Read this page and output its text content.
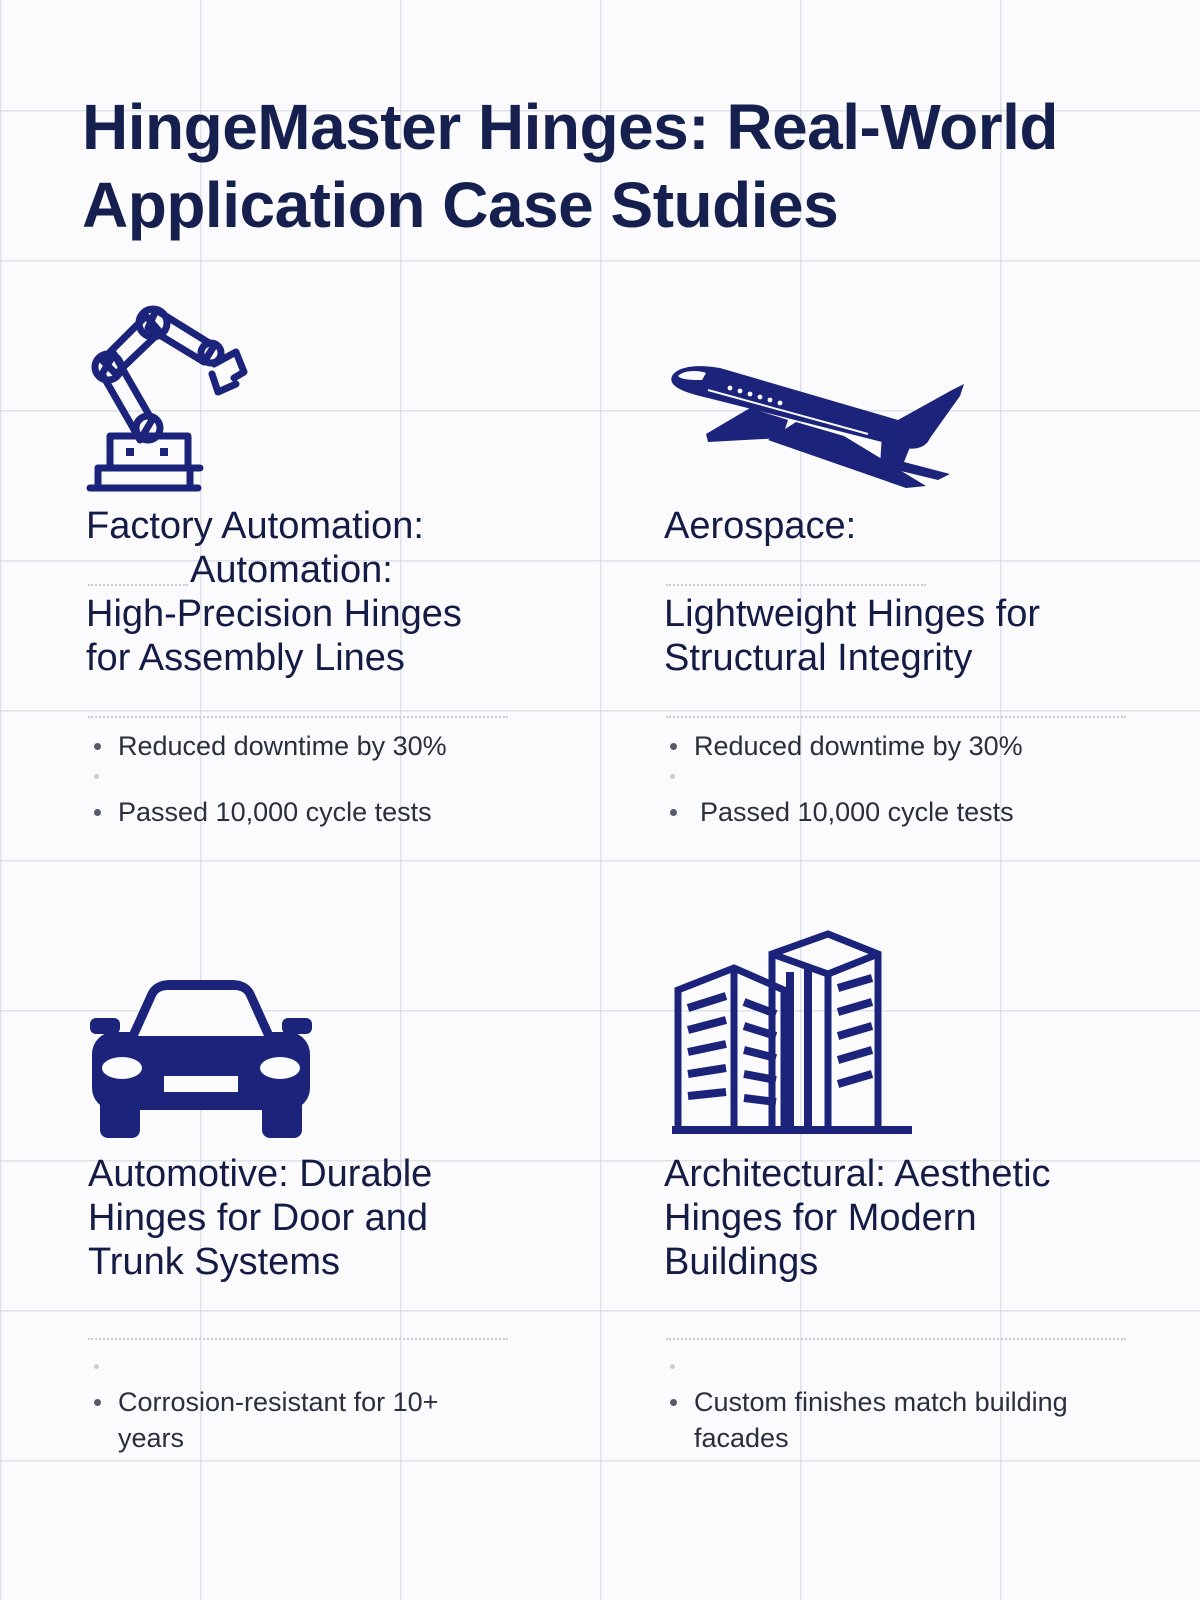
HingeMaster Hinges: Real-World Application Case Studies
Factory Automation:
Automation:
High-Precision Hinges
for Assembly Lines
Reduced downtime by 30%
Passed 10,000 cycle tests
Aerospace:
Lightweight Hinges for
Structural Integrity
Reduced downtime by 30%
Passed 10,000 cycle tests
Automotive: Durable
Hinges for Door and
Trunk Systems
Corrosion-resistant for 10+ years
Architectural: Aesthetic
Hinges for Modern
Buildings
Custom finishes match building facades
